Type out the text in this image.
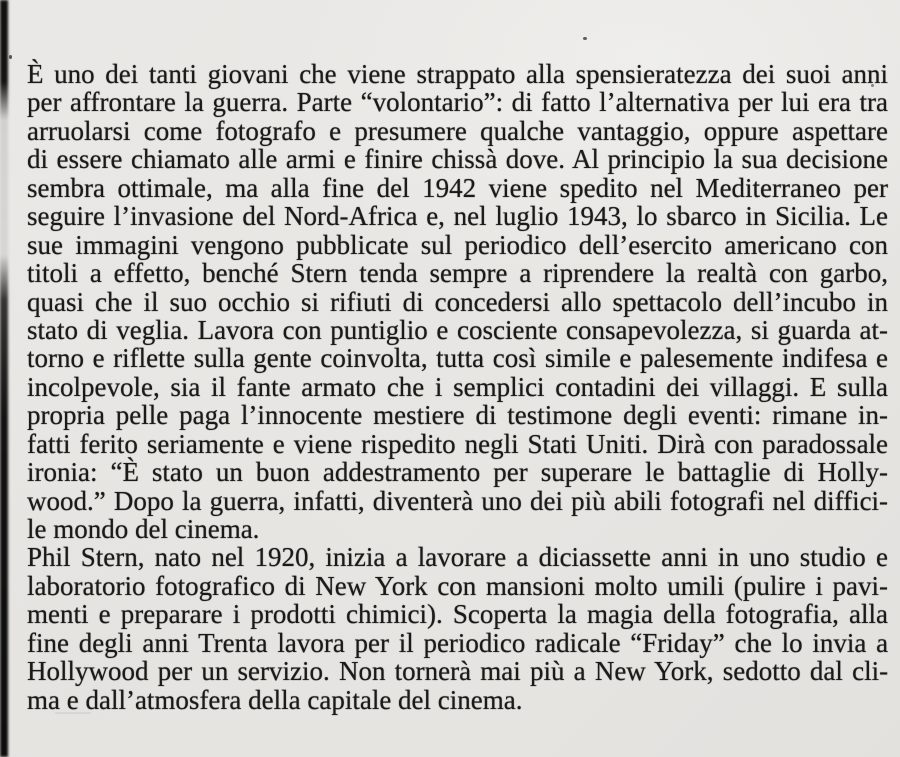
È uno dei tanti giovani che viene strappato alla spensieratezza dei suoi anni
per affrontare la guerra. Parte “volontario”: di fatto l’alternativa per lui era tra
arruolarsi come fotografo e presumere qualche vantaggio, oppure aspettare
di essere chiamato alle armi e finire chissà dove. Al principio la sua decisione
sembra ottimale, ma alla fine del 1942 viene spedito nel Mediterraneo per
seguire l’invasione del Nord-Africa e, nel luglio 1943, lo sbarco in Sicilia. Le
sue immagini vengono pubblicate sul periodico dell’esercito americano con
titoli a effetto, benché Stern tenda sempre a riprendere la realtà con garbo,
quasi che il suo occhio si rifiuti di concedersi allo spettacolo dell’incubo in
stato di veglia. Lavora con puntiglio e cosciente consapevolezza, si guarda at-
torno e riflette sulla gente coinvolta, tutta così simile e palesemente indifesa e
incolpevole, sia il fante armato che i semplici contadini dei villaggi. E sulla
propria pelle paga l’innocente mestiere di testimone degli eventi: rimane in-
fatti ferito seriamente e viene rispedito negli Stati Uniti. Dirà con paradossale
ironia: “È stato un buon addestramento per superare le battaglie di Holly-
wood.” Dopo la guerra, infatti, diventerà uno dei più abili fotografi nel diffici-
le mondo del cinema.
Phil Stern, nato nel 1920, inizia a lavorare a diciassette anni in uno studio e
laboratorio fotografico di New York con mansioni molto umili (pulire i pavi-
menti e preparare i prodotti chimici). Scoperta la magia della fotografia, alla
fine degli anni Trenta lavora per il periodico radicale “Friday” che lo invia a
Hollywood per un servizio. Non tornerà mai più a New York, sedotto dal cli-
ma e dall’atmosfera della capitale del cinema.
